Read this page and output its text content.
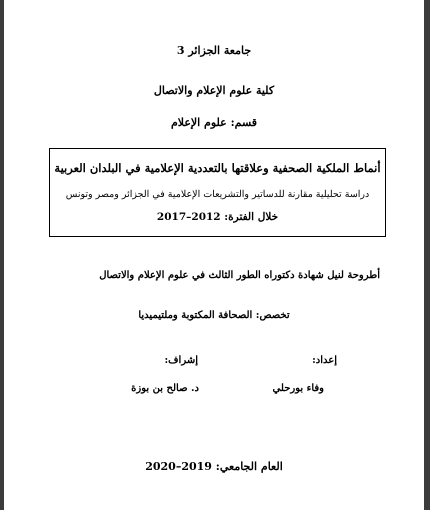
جامعة الجزائر 3
كلية علوم الإعلام والاتصال
قسم: علوم الإعلام
أنماط الملكية الصحفية وعلاقتها بالتعددية الإعلامية في البلدان العربية
دراسة تحليلية مقارنة للدساتير والتشريعات الإعلامية في الجزائر ومصر وتونس
خلال الفترة: 2012–2017
أطروحة لنيل شهادة دكتوراه الطور الثالث في علوم الإعلام والاتصال
تخصص: الصحافة المكتوبة وملتيميديا
إعداد:
وفاء بورحلي
إشراف:
د. صالح بن بوزة
العام الجامعي: 2019–2020
